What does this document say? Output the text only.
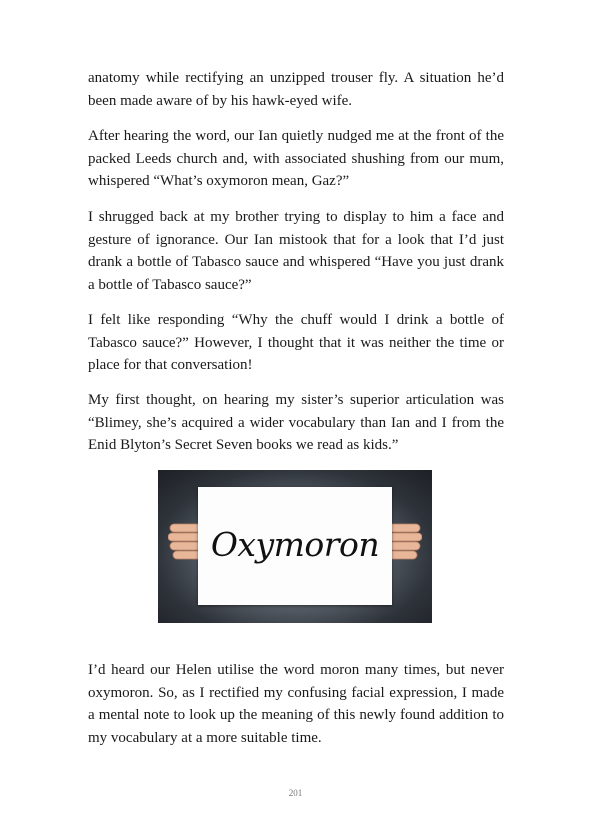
anatomy while rectifying an unzipped trouser fly. A situation he’d been made aware of by his hawk-eyed wife.

After hearing the word, our Ian quietly nudged me at the front of the packed Leeds church and, with associated shushing from our mum, whispered “What’s oxymoron mean, Gaz?”

I shrugged back at my brother trying to display to him a face and gesture of ignorance. Our Ian mistook that for a look that I’d just drank a bottle of Tabasco sauce and whispered “Have you just drank a bottle of Tabasco sauce?”

I felt like responding “Why the chuff would I drink a bottle of Tabasco sauce?” However, I thought that it was neither the time or place for that conversation!

My first thought, on hearing my sister’s superior articulation was “Blimey, she’s acquired a wider vocabulary than Ian and I from the Enid Blyton’s Secret Seven books we read as kids.”

Oxymoron

I’d heard our Helen utilise the word moron many times, but never oxymoron. So, as I rectified my confusing facial expression, I made a mental note to look up the meaning of this newly found addition to my vocabulary at a more suitable time.

201
